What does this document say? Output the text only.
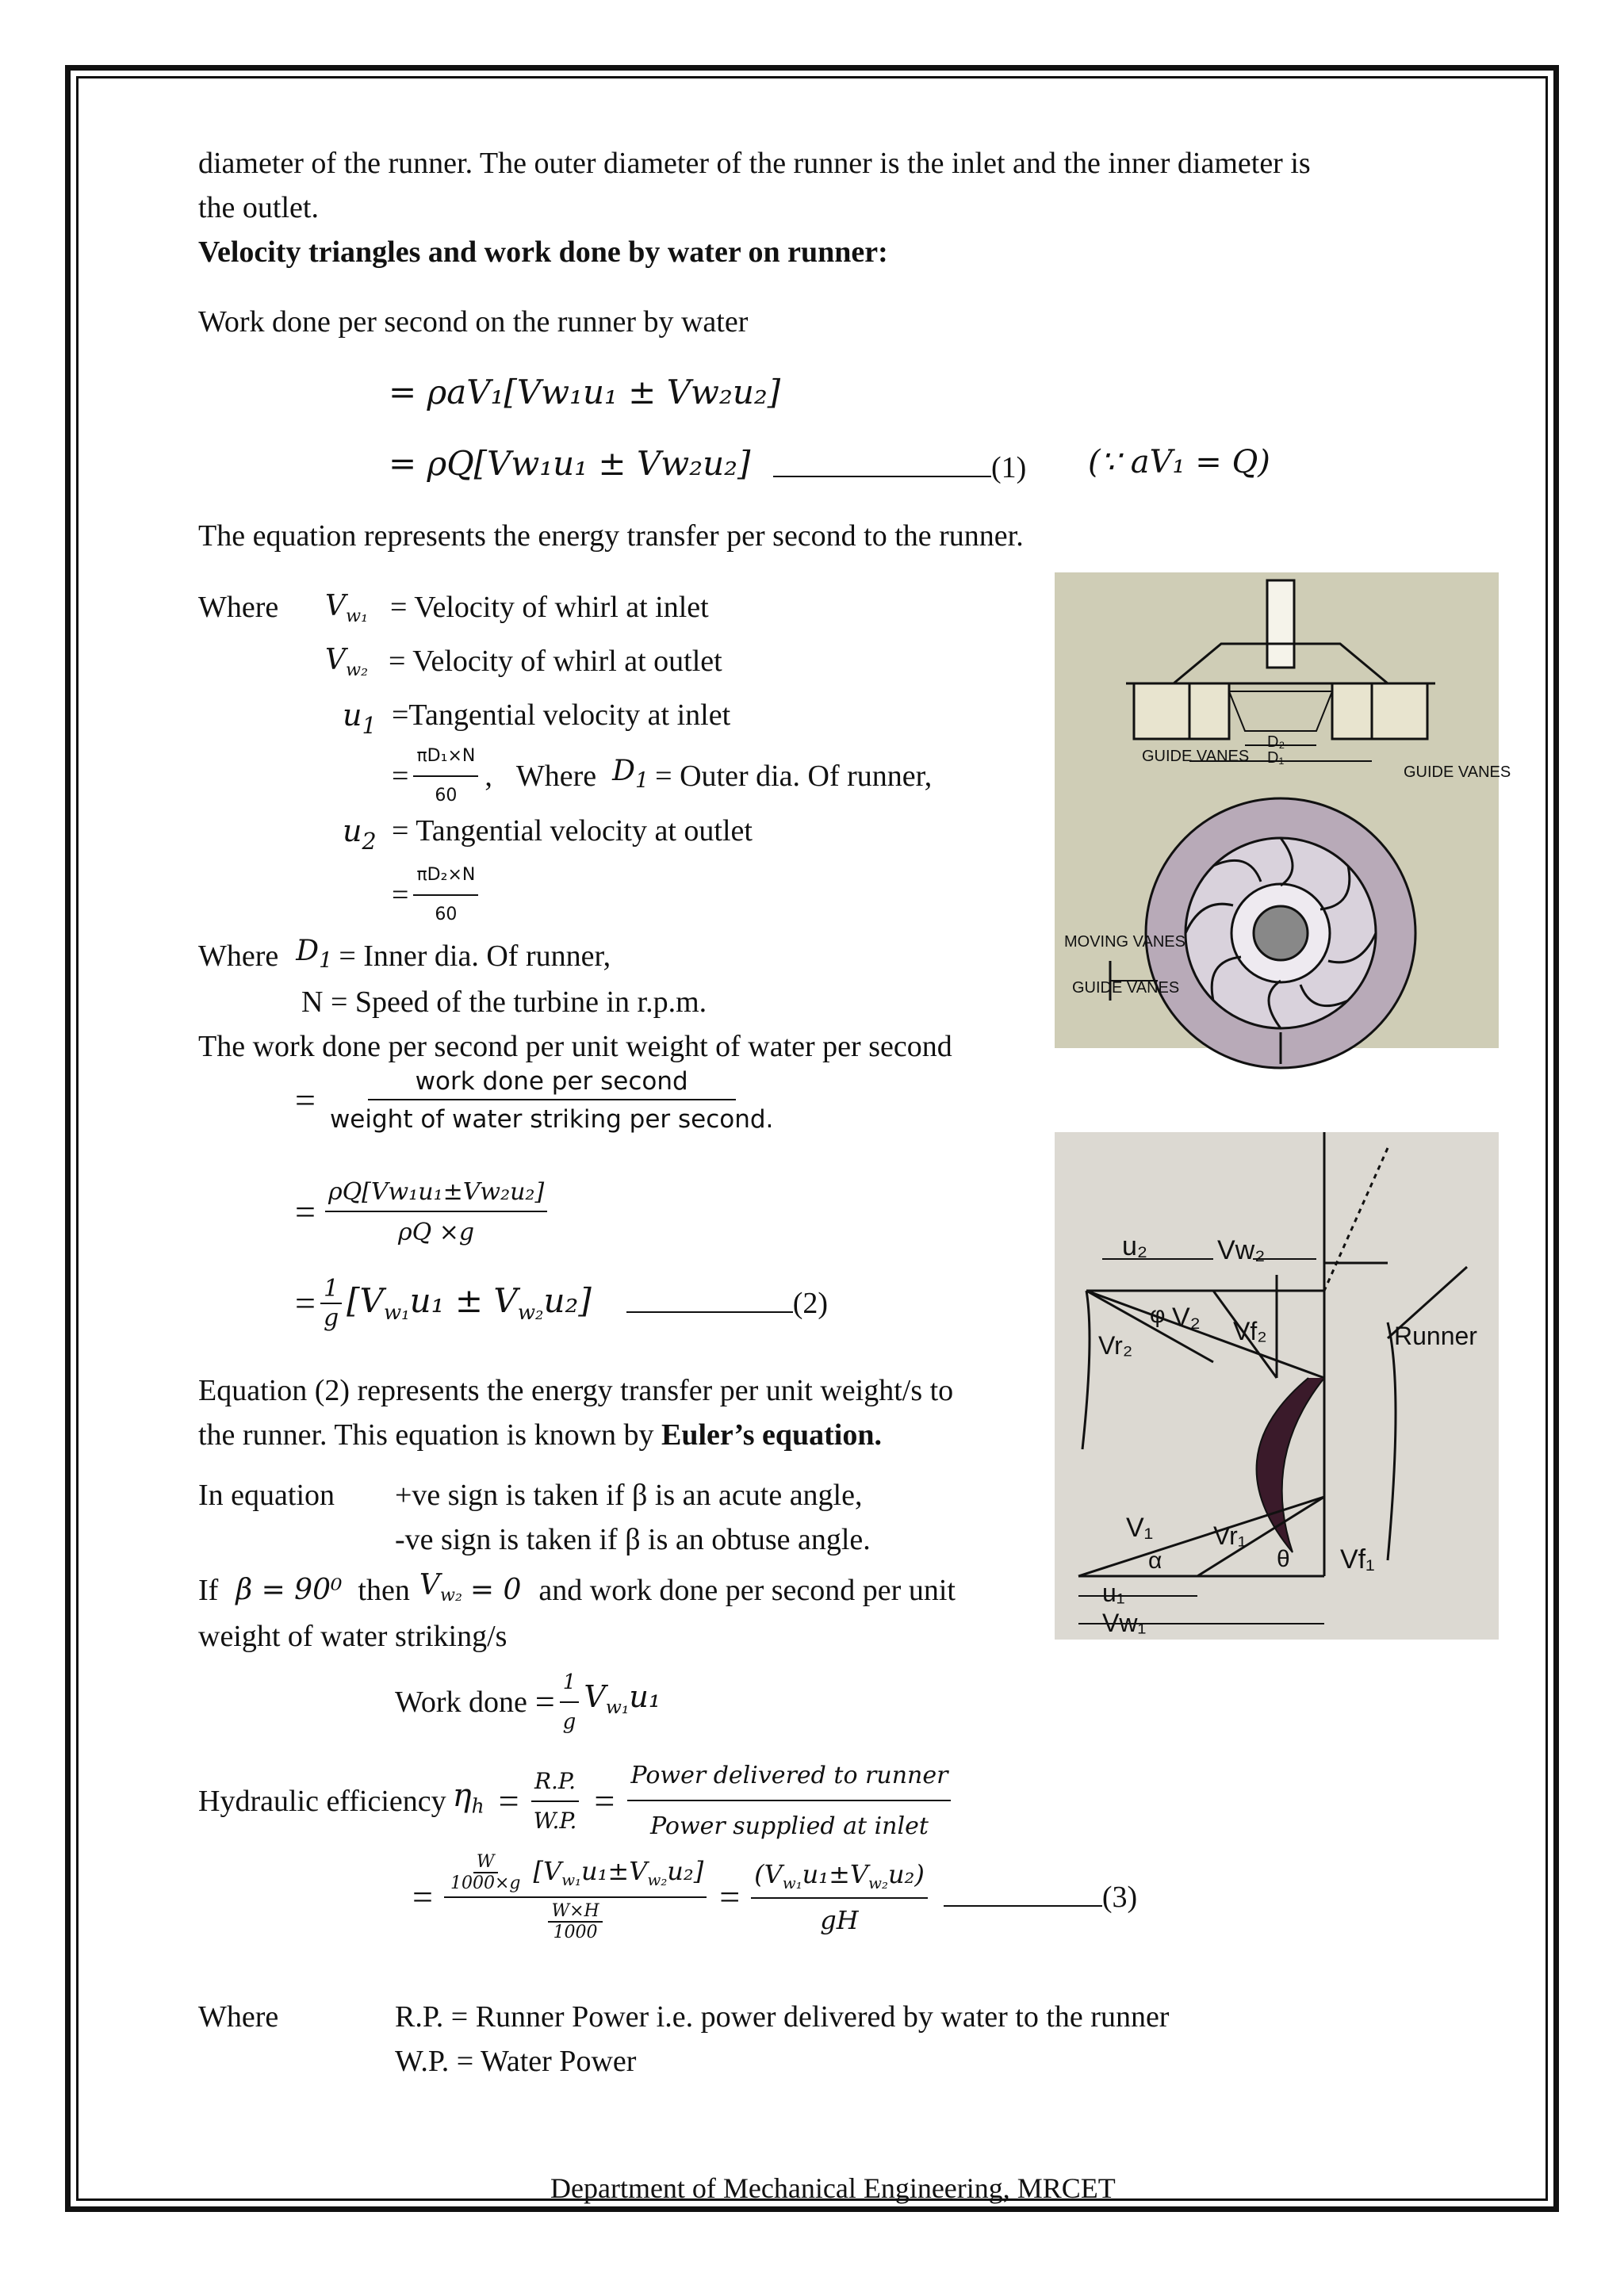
diameter of the runner. The outer diameter of the runner is the inlet and the inner diameter is
the outlet.
Velocity triangles and work done by water on runner:
Work done per second on the runner by water
= ρaV₁[Vw₁u₁ ± Vw₂u₂]
= ρQ[Vw₁u₁ ± Vw₂u₂]	(1) (∵ aV₁ = Q)
The equation represents the energy transfer per second to the runner.
Where $V_{w_1}$ = Velocity of whirl at inlet
$V_{w_2}$ = Velocity of whirl at outlet
$u_1$ =Tangential velocity at inlet
= $\frac{\text{πD₁×N}}{60}$ , Where $D_1$ = Outer dia. Of runner,
$u_2$ = Tangential velocity at outlet
= $\frac{\text{πD₂×N}}{60}$
Where $D_1$ = Inner dia. Of runner,
N = Speed of the turbine in r.p.m.
The work done per second per unit weight of water per second
= $\frac{\text{work done per second}}{\text{weight of water striking per second.}}$
= $\frac{\text{ρQ[Vw₁u₁±Vw₂u₂]}}{\rho Q \times g}$
= $\frac{1}{g} [V_{w_1}u_1 \pm V_{w_2}u_2]$	(2)
Equation (2) represents the energy transfer per unit weight/s to
the runner. This equation is known by Euler’s equation.
In equation +ve sign is taken if β is an acute angle,
-ve sign is taken if β is an obtuse angle.
If β = 90⁰ then $V_{w_2} = 0$ and work done per second per unit
weight of water striking/s
Work done = $\frac{1}{g} V_{w_1}u_1$
Hydraulic efficiency $\eta_h = \frac{R.P.}{W.P.} = \frac{\text{Power delivered to runner}}{\text{Power supplied at inlet}}$
= $\frac{\frac{W}{1000\times g} [V_{w_1}u_1\pm V_{w_2}u_2]}{\frac{W\times H}{1000}} = \frac{(V_{w_1}u_1\pm V_{w_2}u_2)}{gH}$	(3)
Where	R.P. = Runner Power i.e. power delivered by water to the runner
W.P. = Water Power
Department of Mechanical Engineering, MRCET
D₂
D₁
GUIDE VANES
GUIDE VANES
MOVING VANES
GUIDE VANES
u₂	Vw₂
φ V₂ Vf₂
Vr₂	Runner
V₁
α
Vr₁
θ Vf₁
u₁
Vw₁
